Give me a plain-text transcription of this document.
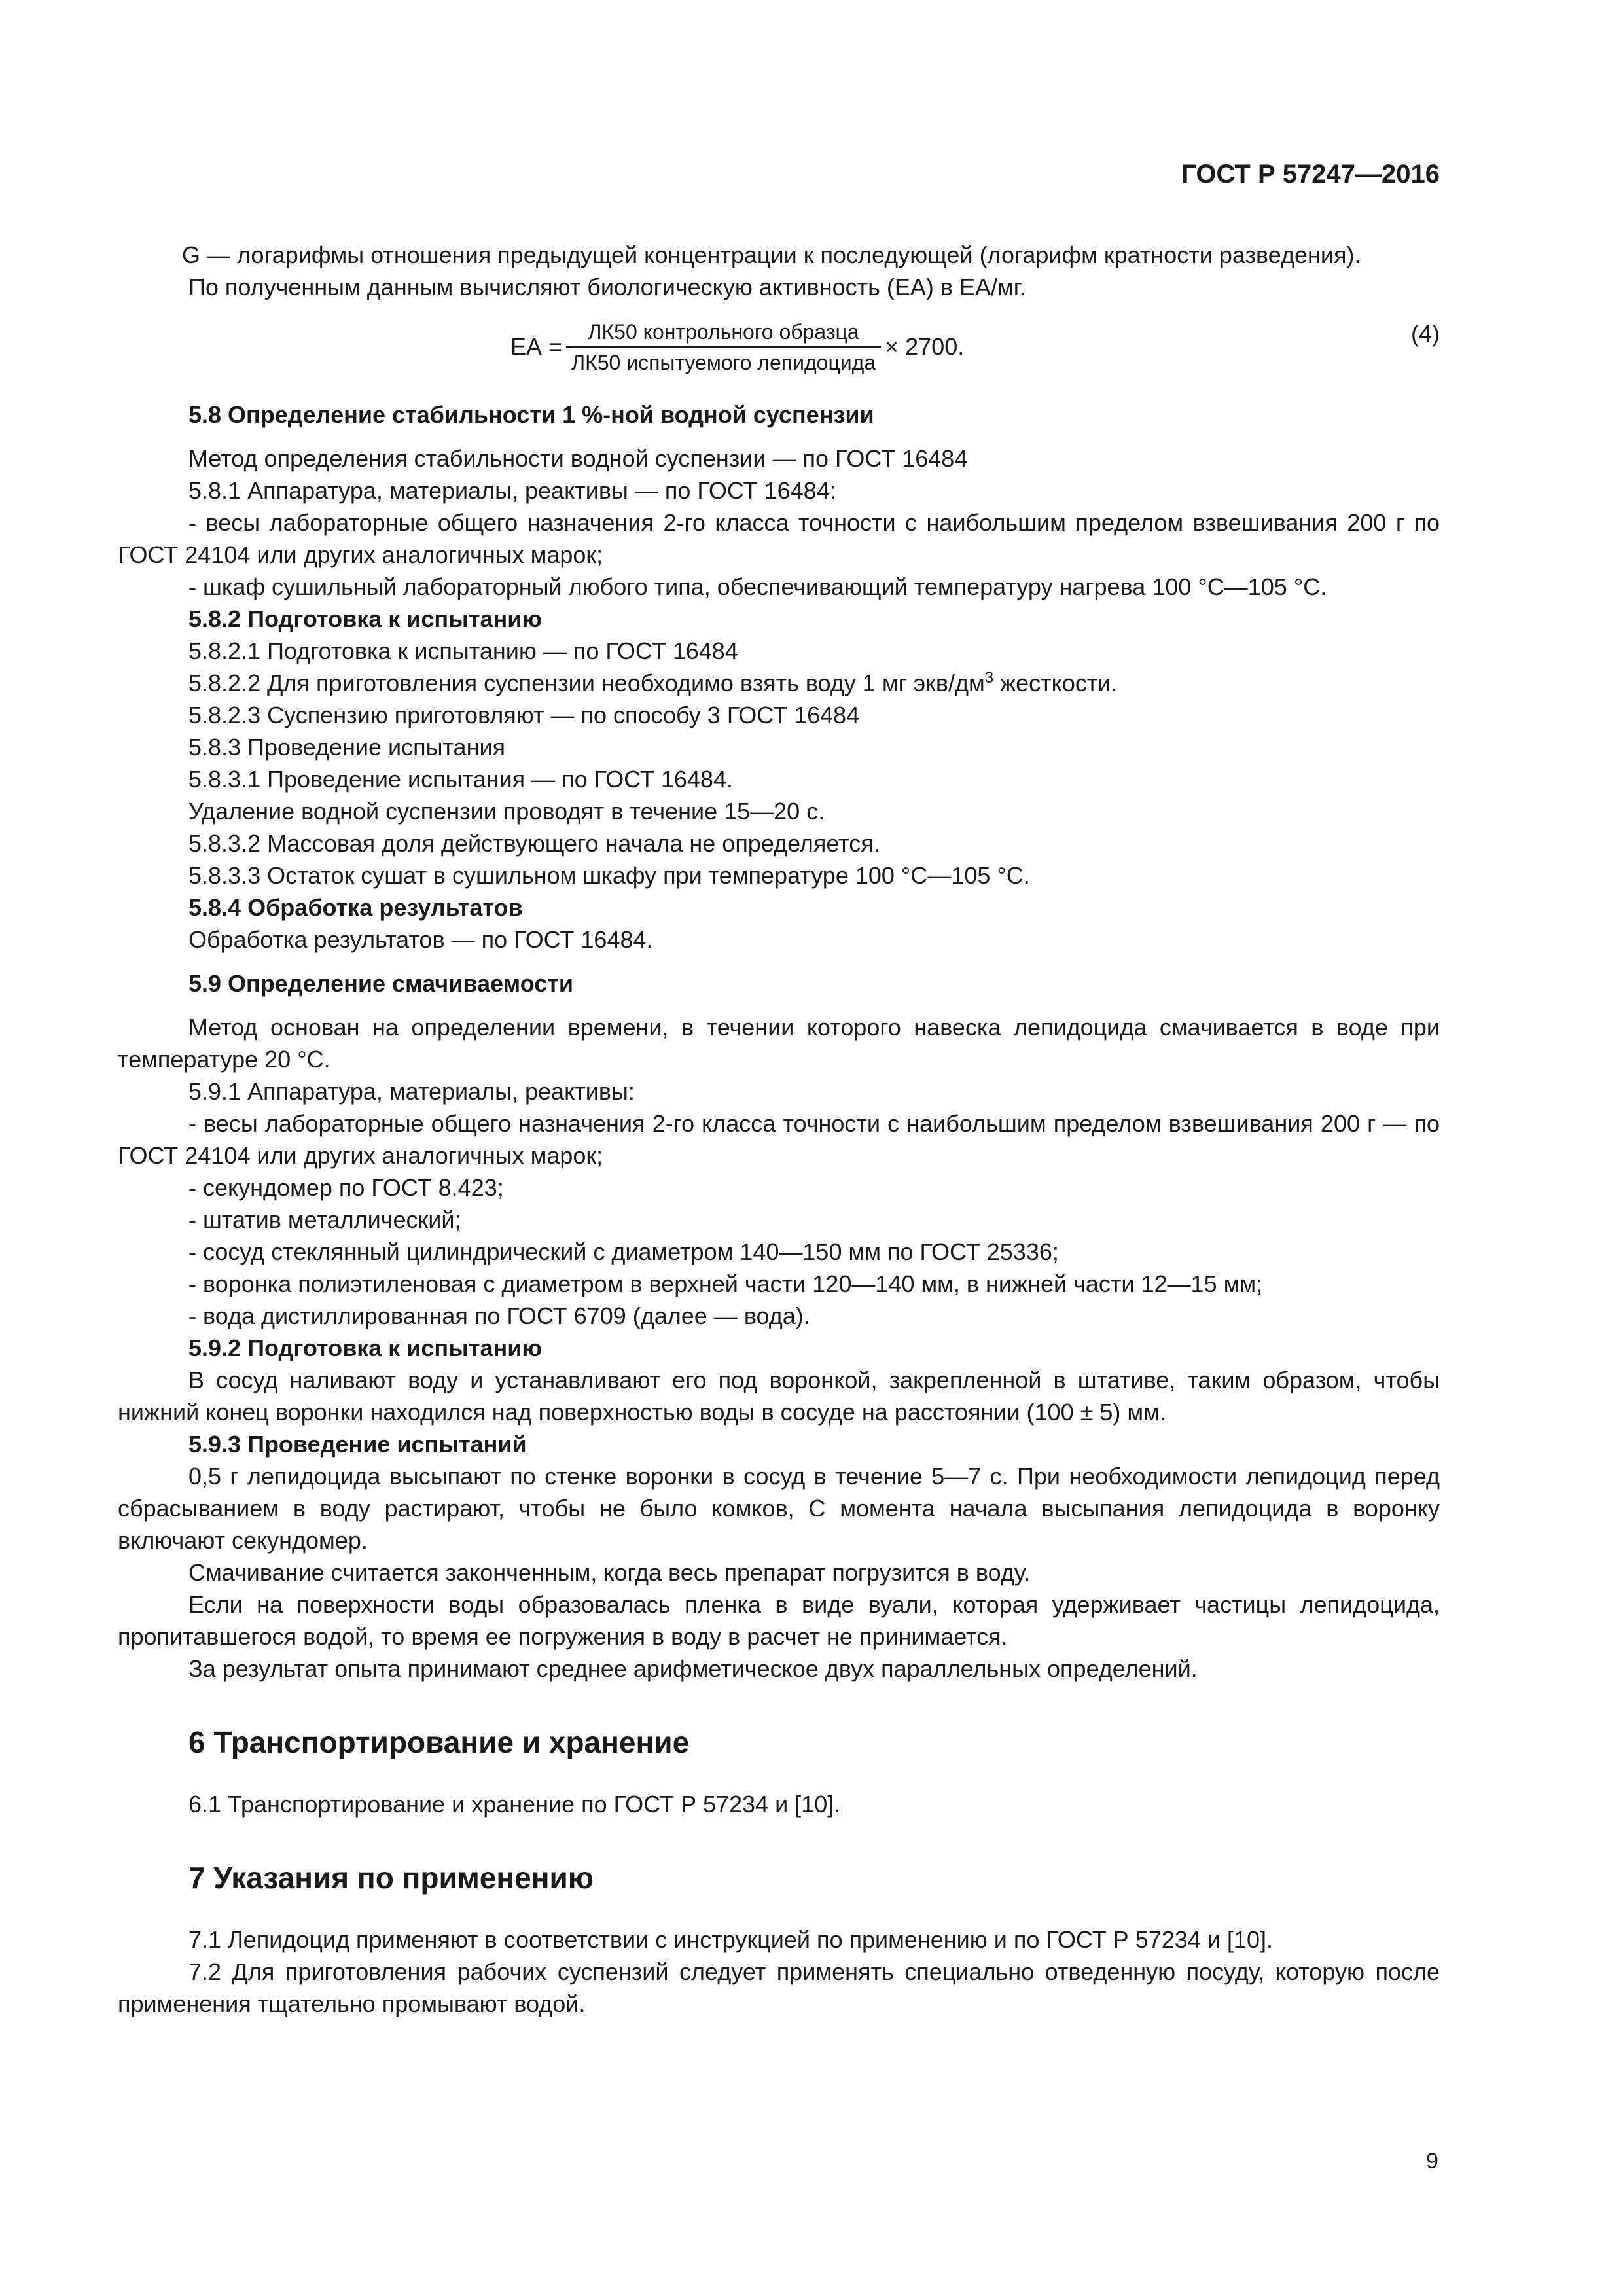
ГОСТ Р 57247—2016

G — логарифмы отношения предыдущей концентрации к последующей (логарифм кратности разведения).

По полученным данным вычисляют биологическую активность (ЕА) в ЕА/мг.

ЕА = $\frac{\text{ЛК50 контрольного образца}}{\text{ЛК50 испытуемого лепидоцида}} \times 2700$.	(4)

5.8 Определение стабильности 1 %-ной водной суспензии

Метод определения стабильности водной суспензии — по ГОСТ 16484

5.8.1 Аппаратура, материалы, реактивы — по ГОСТ 16484:

- весы лабораторные общего назначения 2-го класса точности с наибольшим пределом взвешивания 200 г по ГОСТ 24104 или других аналогичных марок;

- шкаф сушильный лабораторный любого типа, обеспечивающий температуру нагрева 100 °С—105 °С.

5.8.2 Подготовка к испытанию

5.8.2.1 Подготовка к испытанию — по ГОСТ 16484

5.8.2.2 Для приготовления суспензии необходимо взять воду 1 мг экв/$дм^3$ жесткости.

5.8.2.3 Суспензию приготовляют — по способу 3 ГОСТ 16484

5.8.3 Проведение испытания

5.8.3.1 Проведение испытания — по ГОСТ 16484.

Удаление водной суспензии проводят в течение 15—20 с.

5.8.3.2 Массовая доля действующего начала не определяется.

5.8.3.3 Остаток сушат в сушильном шкафу при температуре 100 °С—105 °С.

5.8.4 Обработка результатов

Обработка результатов — по ГОСТ 16484.

5.9 Определение смачиваемости

Метод основан на определении времени, в течении которого навеска лепидоцида смачивается в воде при температуре 20 °С.

5.9.1 Аппаратура, материалы, реактивы:

- весы лабораторные общего назначения 2-го класса точности с наибольшим пределом взвешивания 200 г — по ГОСТ 24104 или других аналогичных марок;

- секундомер по ГОСТ 8.423;

- штатив металлический;

- сосуд стеклянный цилиндрический с диаметром 140—150 мм по ГОСТ 25336;

- воронка полиэтиленовая с диаметром в верхней части 120—140 мм, в нижней части 12—15 мм;

- вода дистиллированная по ГОСТ 6709 (далее — вода).

5.9.2 Подготовка к испытанию

В сосуд наливают воду и устанавливают его под воронкой, закрепленной в штативе, таким образом, чтобы нижний конец воронки находился над поверхностью воды в сосуде на расстоянии (100 ± 5) мм.

5.9.3 Проведение испытаний

0,5 г лепидоцида высыпают по стенке воронки в сосуд в течение 5—7 с. При необходимости лепидоцид перед сбрасыванием в воду растирают, чтобы не было комков, С момента начала высыпания лепидоцида в воронку включают секундомер.

Смачивание считается законченным, когда весь препарат погрузится в воду.

Если на поверхности воды образовалась пленка в виде вуали, которая удерживает частицы лепидоцида, пропитавшегося водой, то время ее погружения в воду в расчет не принимается.

За результат опыта принимают среднее арифметическое двух параллельных определений.

6 Транспортирование и хранение

6.1 Транспортирование и хранение по ГОСТ Р 57234 и [10].

7 Указания по применению

7.1 Лепидоцид применяют в соответствии с инструкцией по применению и по ГОСТ Р 57234 и [10].

7.2 Для приготовления рабочих суспензий следует применять специально отведенную посуду, которую после применения тщательно промывают водой.

9
